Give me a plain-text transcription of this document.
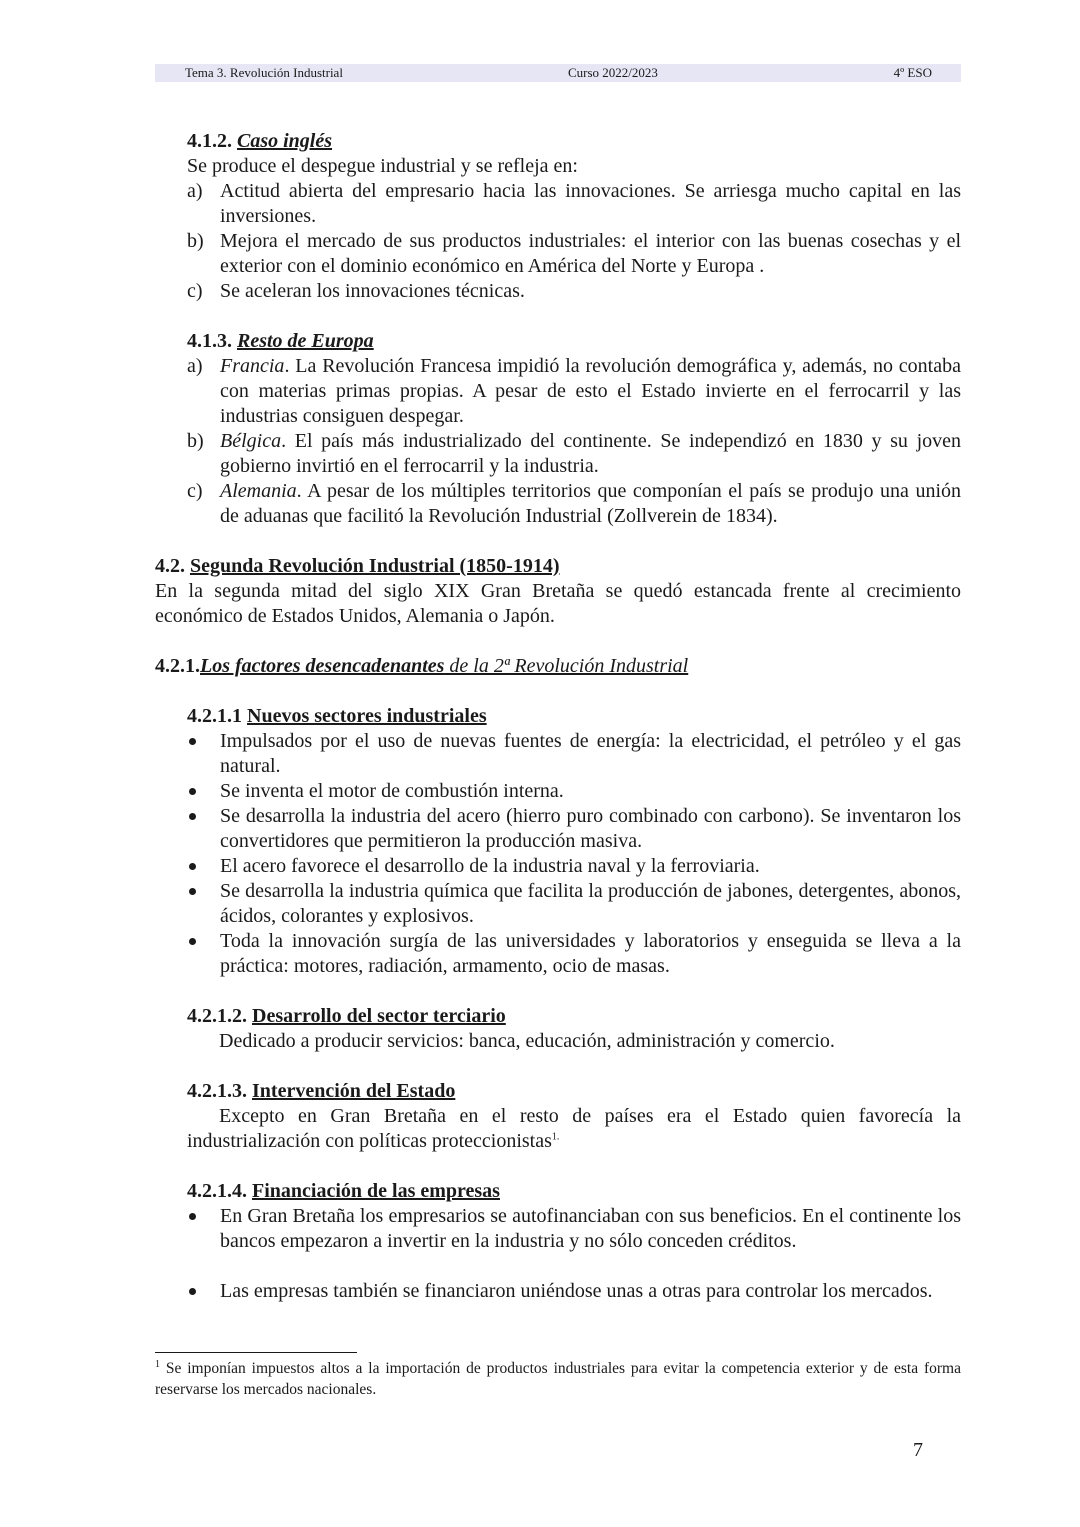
Tema 3. Revolución Industrial	Curso 2022/2023	4º ESO
4.1.2. Caso inglés
Se produce el despegue industrial y se refleja en:
a) Actitud abierta del empresario hacia las innovaciones. Se arriesga mucho capital en las inversiones.
b) Mejora el mercado de sus productos industriales: el interior con las buenas cosechas y el exterior con el dominio económico en América del Norte y Europa .
c) Se aceleran los innovaciones técnicas.
4.1.3. Resto de Europa
a) Francia. La Revolución Francesa impidió la revolución demográfica y, además, no contaba con materias primas propias. A pesar de esto el Estado invierte en el ferrocarril y las industrias consiguen despegar.
b) Bélgica. El país más industrializado del continente. Se independizó en 1830 y su joven gobierno invirtió en el ferrocarril y la industria.
c) Alemania. A pesar de los múltiples territorios que componían el país se produjo una unión de aduanas que facilitó la Revolución Industrial (Zollverein de 1834).
4.2. Segunda Revolución Industrial (1850-1914)
En la segunda mitad del siglo XIX Gran Bretaña se quedó estancada frente al crecimiento económico de Estados Unidos, Alemania o Japón.
4.2.1.Los factores desencadenantes de la 2ª Revolución Industrial
4.2.1.1 Nuevos sectores industriales
Impulsados por el uso de nuevas fuentes de energía: la electricidad, el petróleo y el gas natural.
Se inventa el motor de combustión interna.
Se desarrolla la industria del acero (hierro puro combinado con carbono). Se inventaron los convertidores que permitieron la producción masiva.
El acero favorece el desarrollo de la industria naval y la ferroviaria.
Se desarrolla la industria química que facilita la producción de jabones, detergentes, abonos, ácidos, colorantes y explosivos.
Toda la innovación surgía de las universidades y laboratorios y enseguida se lleva a la práctica: motores, radiación, armamento, ocio de masas.
4.2.1.2. Desarrollo del sector terciario
Dedicado a producir servicios: banca, educación, administración y comercio.
4.2.1.3. Intervención del Estado
Excepto en Gran Bretaña en el resto de países era el Estado quien favorecía la industrialización con políticas proteccionistas$^{1.}$
4.2.1.4. Financiación de las empresas
En Gran Bretaña los empresarios se autofinanciaban con sus beneficios. En el continente los bancos empezaron a invertir en la industria y no sólo conceden créditos.
Las empresas también se financiaron uniéndose unas a otras para controlar los mercados.
$^1$ Se imponían impuestos altos a la importación de productos industriales para evitar la competencia exterior y de esta forma reservarse los mercados nacionales.
7
